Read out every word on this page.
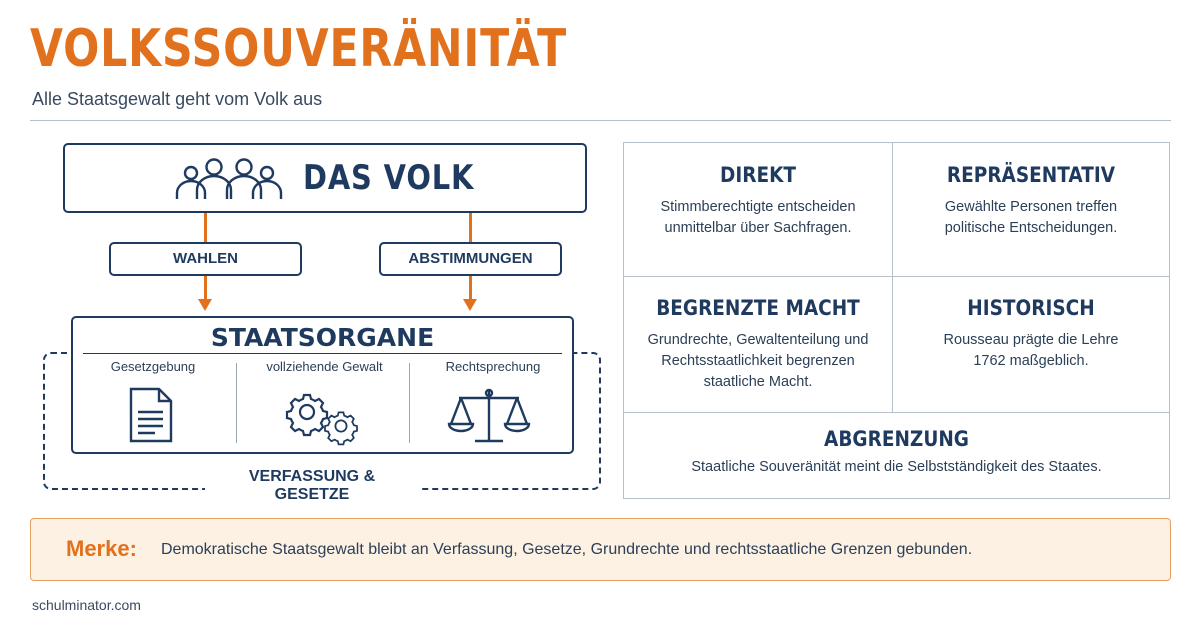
VOLKSSOUVERÄNITÄT
Alle Staatsgewalt geht vom Volk aus
DAS VOLK
WAHLEN	ABSTIMMUNGEN
STAATSORGANE
Gesetzgebung	vollziehende Gewalt	Rechtsprechung
VERFASSUNG & GESETZE
DIREKT
Stimmberechtigte entscheiden
unmittelbar über Sachfragen.
REPRÄSENTATIV
Gewählte Personen treffen
politische Entscheidungen.
BEGRENZTE MACHT
Grundrechte, Gewaltenteilung und
Rechtsstaatlichkeit begrenzen
staatliche Macht.
HISTORISCH
Rousseau prägte die Lehre
1762 maßgeblich.
ABGRENZUNG
Staatliche Souveränität meint die Selbstständigkeit des Staates.
Merke: Demokratische Staatsgewalt bleibt an Verfassung, Gesetze, Grundrechte und rechtsstaatliche Grenzen gebunden.
schulminator.com
